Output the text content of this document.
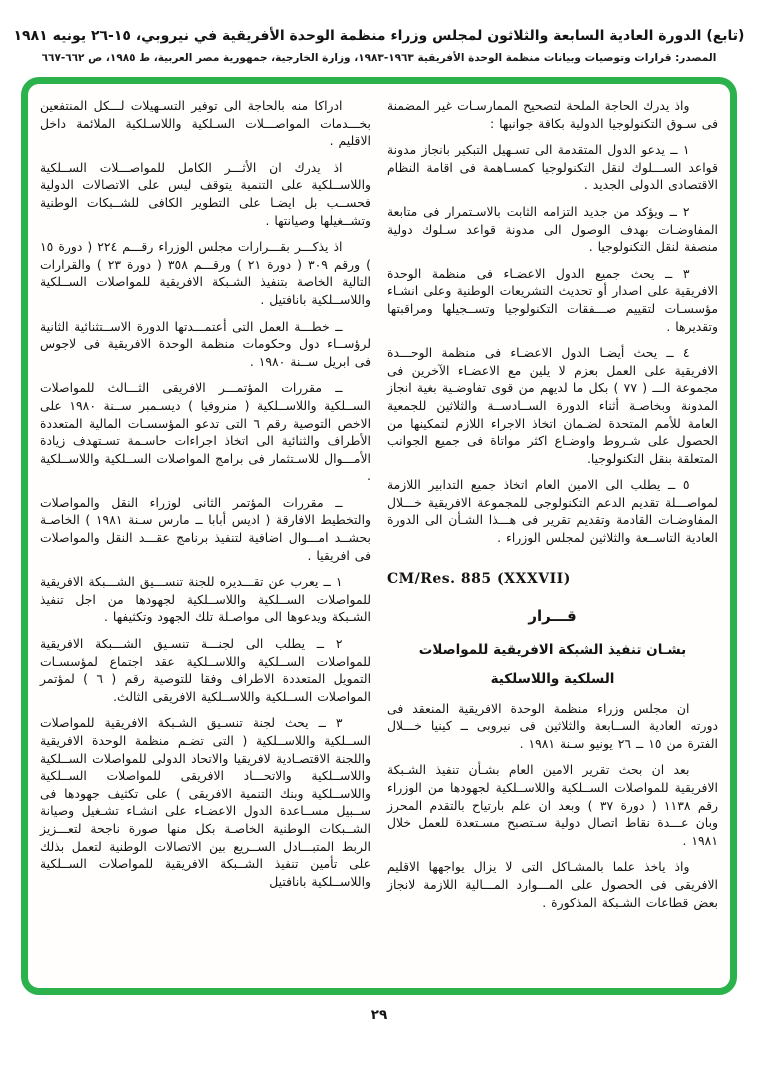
(تابع) الدورة العادية السابعة والثلاثون لمجلس وزراء منظمة الوحدة الأفريقية في نيروبي، ١٥-٢٦ يونيه ١٩٨١
المصدر: قرارات وتوصيات وبيانات منظمة الوحدة الأفريقية ١٩٦٣-١٩٨٣، وزارة الخارجية، جمهورية مصر العربية، ط ١٩٨٥، ص ٦٦٢-٦٦٧

واذ يدرك الحاجة الملحة لتصحيح الممارسـات غير المضمنة فى سـوق التكنولوجيا الدولية بكافة جوانبها :

١ ــ يدعو الدول المتقدمة الى تسـهيل التبكير بانجاز مدونة قواعد الســـلوك لنقل التكنولوجيا كمسـاهمة فى اقامة النظام الاقتصادى الدولى الجديد .

٢ ــ ويؤكد من جديد التزامه الثابت بالاسـتمرار فى متابعة المفاوضـات بهدف الوصول الى مدونة قواعد سـلوك دولية منصفة لنقل التكنولوجيا .

٣ ــ يحث جميع الدول الاعضـاء فى منظمة الوحدة الافريقية على اصدار أو تحديث التشريعات الوطنية وعلى انشـاء مؤسسـات لتقييم صـــفقات التكنولوجيا وتســجيلها ومراقبتها وتقديرها .

٤ ــ يحث أيضـا الدول الاعضـاء فى منظمة الوحـــدة الافريقية على العمل بعزم لا يلين مع الاعضـاء الآخرين فى مجموعة الـــ ( ٧٧ ) بكل ما لديهم من قوى تفاوضـية بغية انجاز المدونة وبخاصـة أثناء الدورة الســادســة والثلاثين للجمعية العامة للأمم المتحدة لضـمان اتخاذ الاجراء اللازم لتمكينها من الحصول على شـروط واوضـاع اكثر مواتاة فى جميع الجوانب المتعلقة بنقل التكنولوجيا.

٥ ــ يطلب الى الامين العام اتخاذ جميع التدابير اللازمة لمواصـــلة تقديم الدعم التكنولوجى للمجموعة الافريقية خـــلال المفاوضـات القادمة وتقديم تقرير فى هـــذا الشـأن الى الدورة العادية التاســعة والثلاثين لمجلس الوزراء .

CM/Res. 885 (XXXVII)
قـــرار
بشـان تنفيذ الشبكة الافريقية للمواصلات
السلكية واللاسلكية

ان مجلس وزراء منظمة الوحدة الافريقية المنعقد فى دورته العادية الســابعة والثلاثين فى نيروبى ــ كينيا خـــلال الفترة من ١٥ ــ ٢٦ يونيو سـنة ١٩٨١ .

بعد ان بحث تقرير الامين العام بشـأن تنفيذ الشـبكة الافريقية للمواصلات الســلكية واللاســلكية لجهودها من الوزراء رقم ١١٣٨ ( دورة ٣٧ ) وبعد ان علم بارتياح بالتقدم المحرز وبان عـــدة نقاط اتصال دولية سـتصبح مسـتعدة للعمل خلال ١٩٨١ .

واذ ياخذ علما بالمشـاكل التى لا يزال يواجهها الاقليم الافريقى فى الحصول على المـــوارد المـــالية اللازمة لانجاز بعض قطاعات الشـبكة المذكورة .

ادراكا منه بالحاجة الى توفير التسـهيلات لـــكل المنتفعين بخـــدمات المواصـــلات السـلكية واللاسـلكية الملائمة داخل الاقليم .

اذ يدرك ان الأثـــر الكامل للمواصـــلات الســلكية واللاســلكية على التنمية يتوقف ليس على الاتصالات الدولية فحســب بل ايضـا على التطوير الكافى للشــبكات الوطنية وتشــغيلها وصيانتها .

اذ يذكـــر بقـــرارات مجلس الوزراء رقـــم ٢٢٤ ( دورة ١٥ ) ورقم ٣٠٩ ( دورة ٢١ ) ورقـــم ٣٥٨ ( دورة ٢٣ ) والقرارات التالية الخاصة بتنفيذ الشـبكة الافريقية للمواصلات الســلكية واللاســلكية بانافتيل .

ــ خطـــة العمل التى أعتمـــدتها الدورة الاســتثنائية الثانية لرؤســاء دول وحكومات منظمة الوحدة الافريقية فى لاجوس فى ابريل ســنة ١٩٨٠ .

ــ مقررات المؤتمـــر الافريقى الثـــالث للمواصلات الســلكية واللاســلكية ( منروفيا ) ديسـمبر ســنة ١٩٨٠ على الاخص التوصية رقم ٦ التى تدعو المؤسسـات المالية المتعددة الأطراف والثنائية الى اتخاذ اجراءات حاسـمة تسـتهدف زيادة الأمـــوال للاسـتثمار فى برامج المواصلات الســلكية واللاســلكية .

ــ مقررات المؤتمر الثانى لوزراء النقل والمواصلات والتخطيط الافارقة ( اديس أبابا ــ مارس سـنة ١٩٨١ ) الخاصـة بحشــد امـــوال اضافية لتنفيذ برنامج عقـــد النقل والمواصلات فى افريقيا .

١ ــ يعرب عن تقـــديره للجنة تنســـيق الشـــبكة الافريقية للمواصلات الســلكية واللاســلكية لجهودها من اجل تنفيذ الشـبكة ويدعوها الى مواصـلة تلك الجهود وتكثيفها .

٢ ــ يطلب الى لجنـــة تنسـيق الشـــبكة الافريقية للمواصلات الســلكية واللاســلكية عقد اجتماع لمؤسسـات التمويل المتعددة الاطراف وفقا للتوصية رقم ( ٦ ) لمؤتمر المواصلات الســلكية واللاســلكية الافريقى الثالث.

٣ ــ يحث لجنة تنسـيق الشـبكة الافريقية للمواصلات الســلكية واللاســلكية ( التى تضـم منظمة الوحدة الافريقية واللجنة الاقتصـادية لافريقيا والاتحاد الدولى للمواصلات الســلكية واللاســلكية والاتحـــاد الافريقى للمواصلات الســلكية واللاســلكية وبنك التنمية الافريقى ) على تكثيف جهودها فى ســبيل مســاعدة الدول الاعضـاء على انشـاء تشـغيل وصيانة الشــبكات الوطنية الخاصـة بكل منها صورة ناجحة لتعـــزيز الربط المتبـــادل الســريع بين الاتصالات الوطنية لتعمل بذلك على تأمين تنفيذ الشــبكة الافريقية للمواصلات الســلكية واللاســلكية بانافتيل

٢٩
